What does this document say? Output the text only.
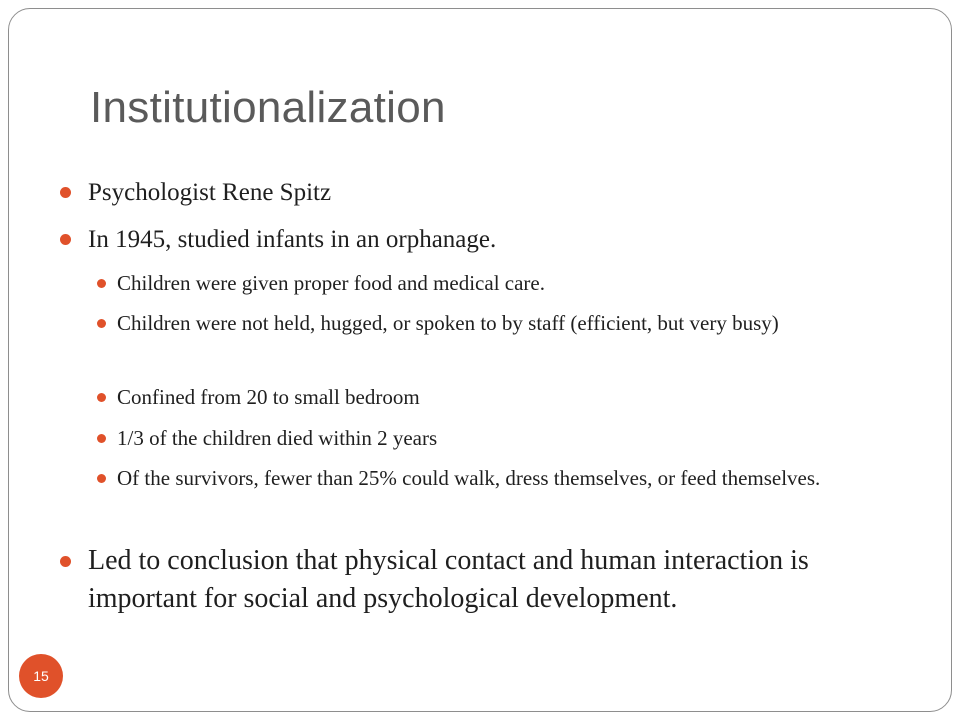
Institutionalization
Psychologist Rene Spitz
In 1945, studied infants in an orphanage.
Children were given proper food and medical care.
Children were not held, hugged, or spoken to by staff (efficient, but very busy)
Confined from 20 to small bedroom
1/3 of the children died within 2 years
Of the survivors, fewer than 25% could walk, dress themselves, or feed themselves.
Led to conclusion that physical contact and human interaction is important for social and psychological development.
15
